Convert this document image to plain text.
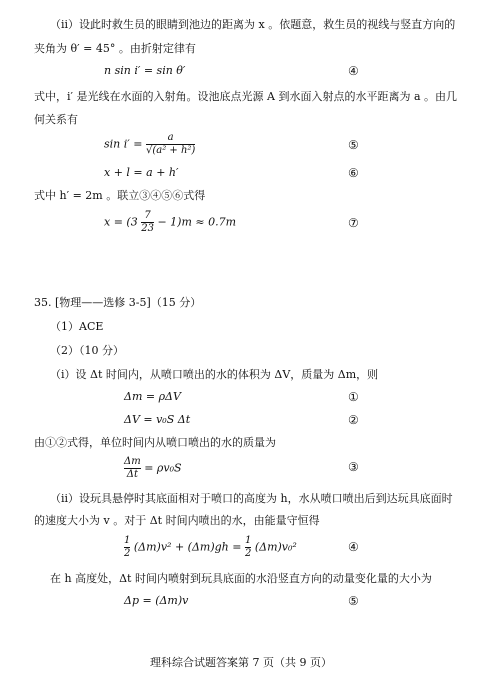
（ii）设此时救生员的眼睛到池边的距离为 x 。依题意，救生员的视线与竖直方向的
夹角为 θ′ = 45° 。由折射定律有
n sin i′ = sin θ′	④
式中，i′ 是光线在水面的入射角。设池底点光源 A 到水面入射点的水平距离为 a 。由几
何关系有
$\sin i' = \frac{a}{\text{√(a² + h²)}}$	⑤
x + l = a + h′	⑥
式中 h′ = 2m 。联立③④⑤⑥式得
$x = (3 \frac{7}{23} - 1)m \approx 0.7m$	⑦
35. [物理——选修 3-5]（15 分）
（1）ACE
（2）（10 分）
（i）设 Δt 时间内，从喷口喷出的水的体积为 ΔV，质量为 Δm，则
Δm = ρΔV	①
ΔV = v₀S Δt	②
由①②式得，单位时间内从喷口喷出的水的质量为
$\frac{\Delta m}{\Delta t} = \rho v_0S$	③
（ii）设玩具悬停时其底面相对于喷口的高度为 h，水从喷口喷出后到达玩具底面时
的速度大小为 v 。对于 Δt 时间内喷出的水，由能量守恒得
$\frac{1}{2} (\Delta m)v^2 + (\Delta m)gh = \frac{1}{2} (\Delta m)v_0^2$	④
在 h 高度处，Δt 时间内喷射到玩具底面的水沿竖直方向的动量变化量的大小为
Δp = (Δm)v	⑤
理科综合试题答案第 7 页（共 9 页）
